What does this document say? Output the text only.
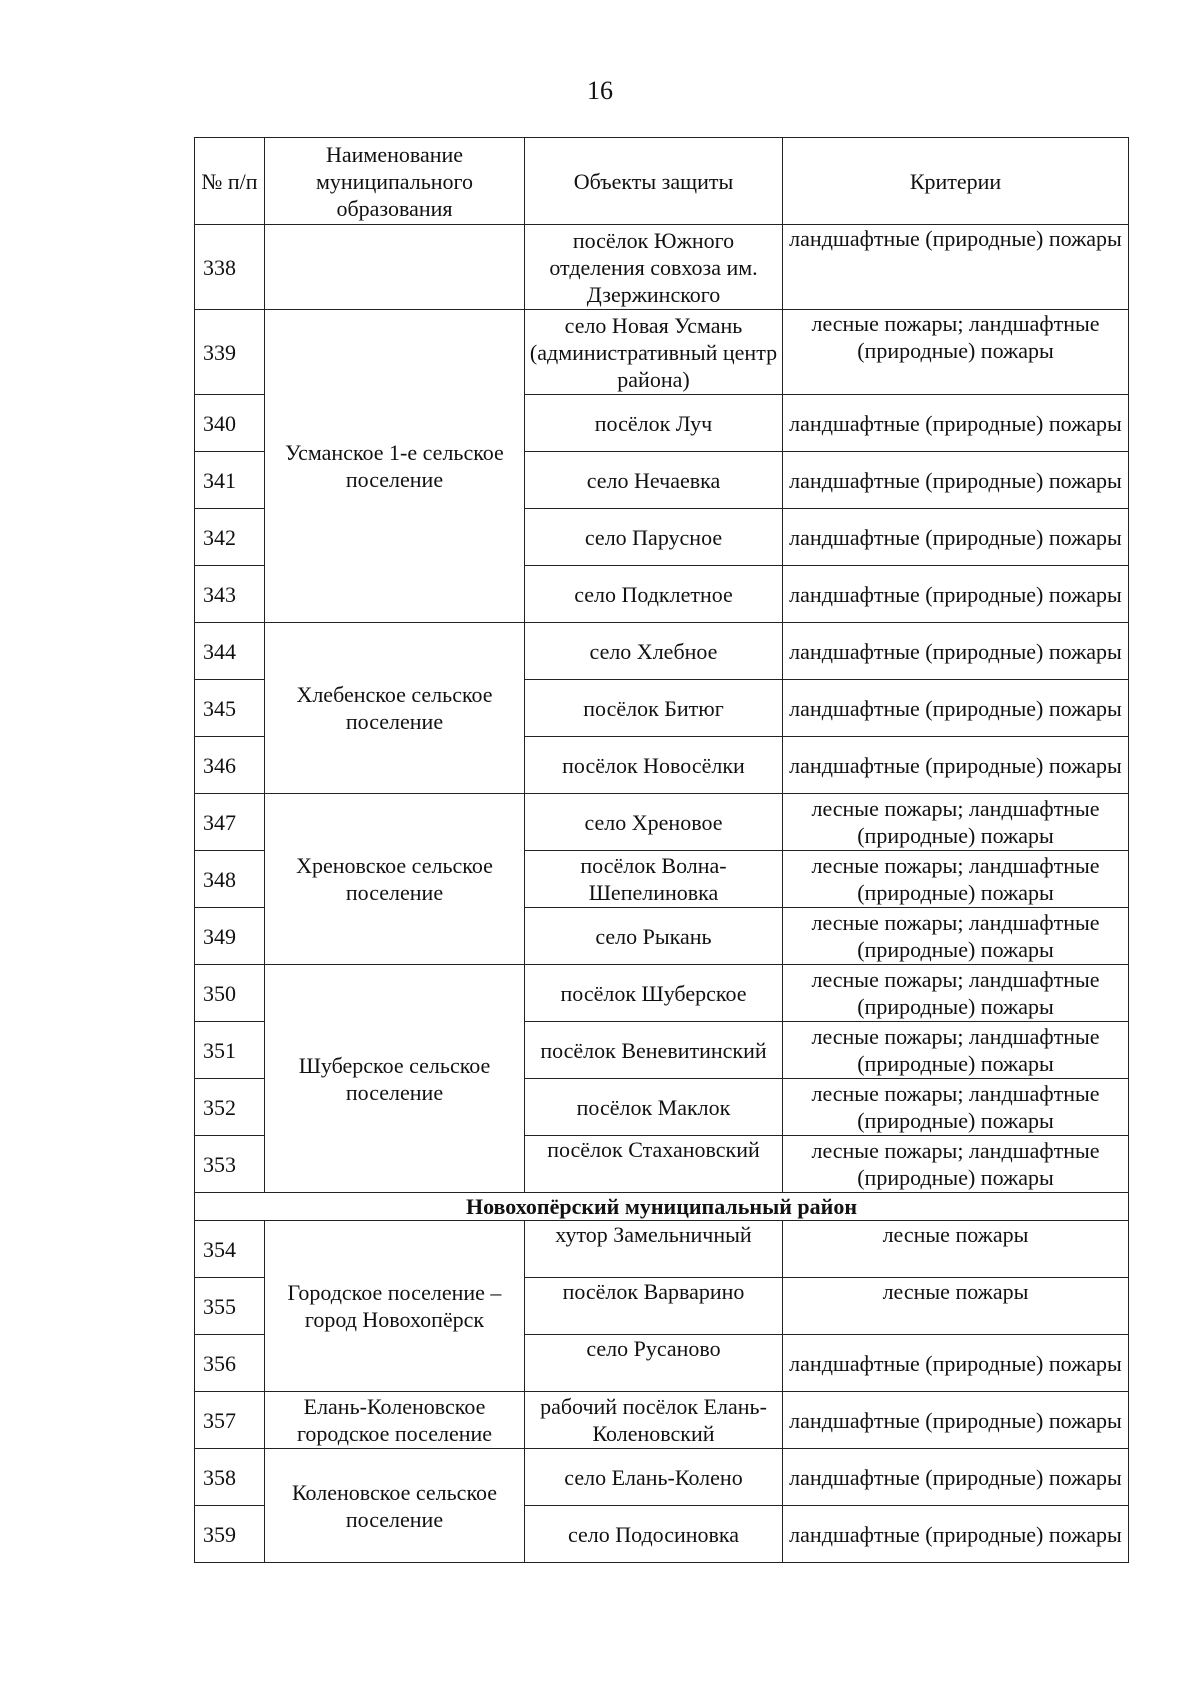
16
№ п/п	Наименование муниципального образования	Объекты защиты	Критерии
338		посёлок Южного отделения совхоза им. Дзержинского	ландшафтные (природные) пожары
339	Усманское 1-е сельское поселение	село Новая Усмань (административный центр района)	лесные пожары; ландшафтные (природные) пожары
340		посёлок Луч	ландшафтные (природные) пожары
341		село Нечаевка	ландшафтные (природные) пожары
342		село Парусное	ландшафтные (природные) пожары
343		село Подклетное	ландшафтные (природные) пожары
344	Хлебенское сельское поселение	село Хлебное	ландшафтные (природные) пожары
345		посёлок Битюг	ландшафтные (природные) пожары
346		посёлок Новосёлки	ландшафтные (природные) пожары
347	Хреновское сельское поселение	село Хреновое	лесные пожары; ландшафтные (природные) пожары
348		посёлок Волна-Шепелиновка	лесные пожары; ландшафтные (природные) пожары
349		село Рыкань	лесные пожары; ландшафтные (природные) пожары
350	Шуберское сельское поселение	посёлок Шуберское	лесные пожары; ландшафтные (природные) пожары
351		посёлок Веневитинский	лесные пожары; ландшафтные (природные) пожары
352		посёлок Маклок	лесные пожары; ландшафтные (природные) пожары
353		посёлок Стахановский	лесные пожары; ландшафтные (природные) пожары
Новохопёрский муниципальный район			
354	Городское поселение – город Новохопёрск	хутор Замельничный	лесные пожары
355		посёлок Варварино	лесные пожары
356		село Русаново	ландшафтные (природные) пожары
357	Елань-Коленовское городское поселение	рабочий посёлок Елань-Коленовский	ландшафтные (природные) пожары
358	Коленовское сельское поселение	село Елань-Колено	ландшафтные (природные) пожары
359		село Подосиновка	ландшафтные (природные) пожары
